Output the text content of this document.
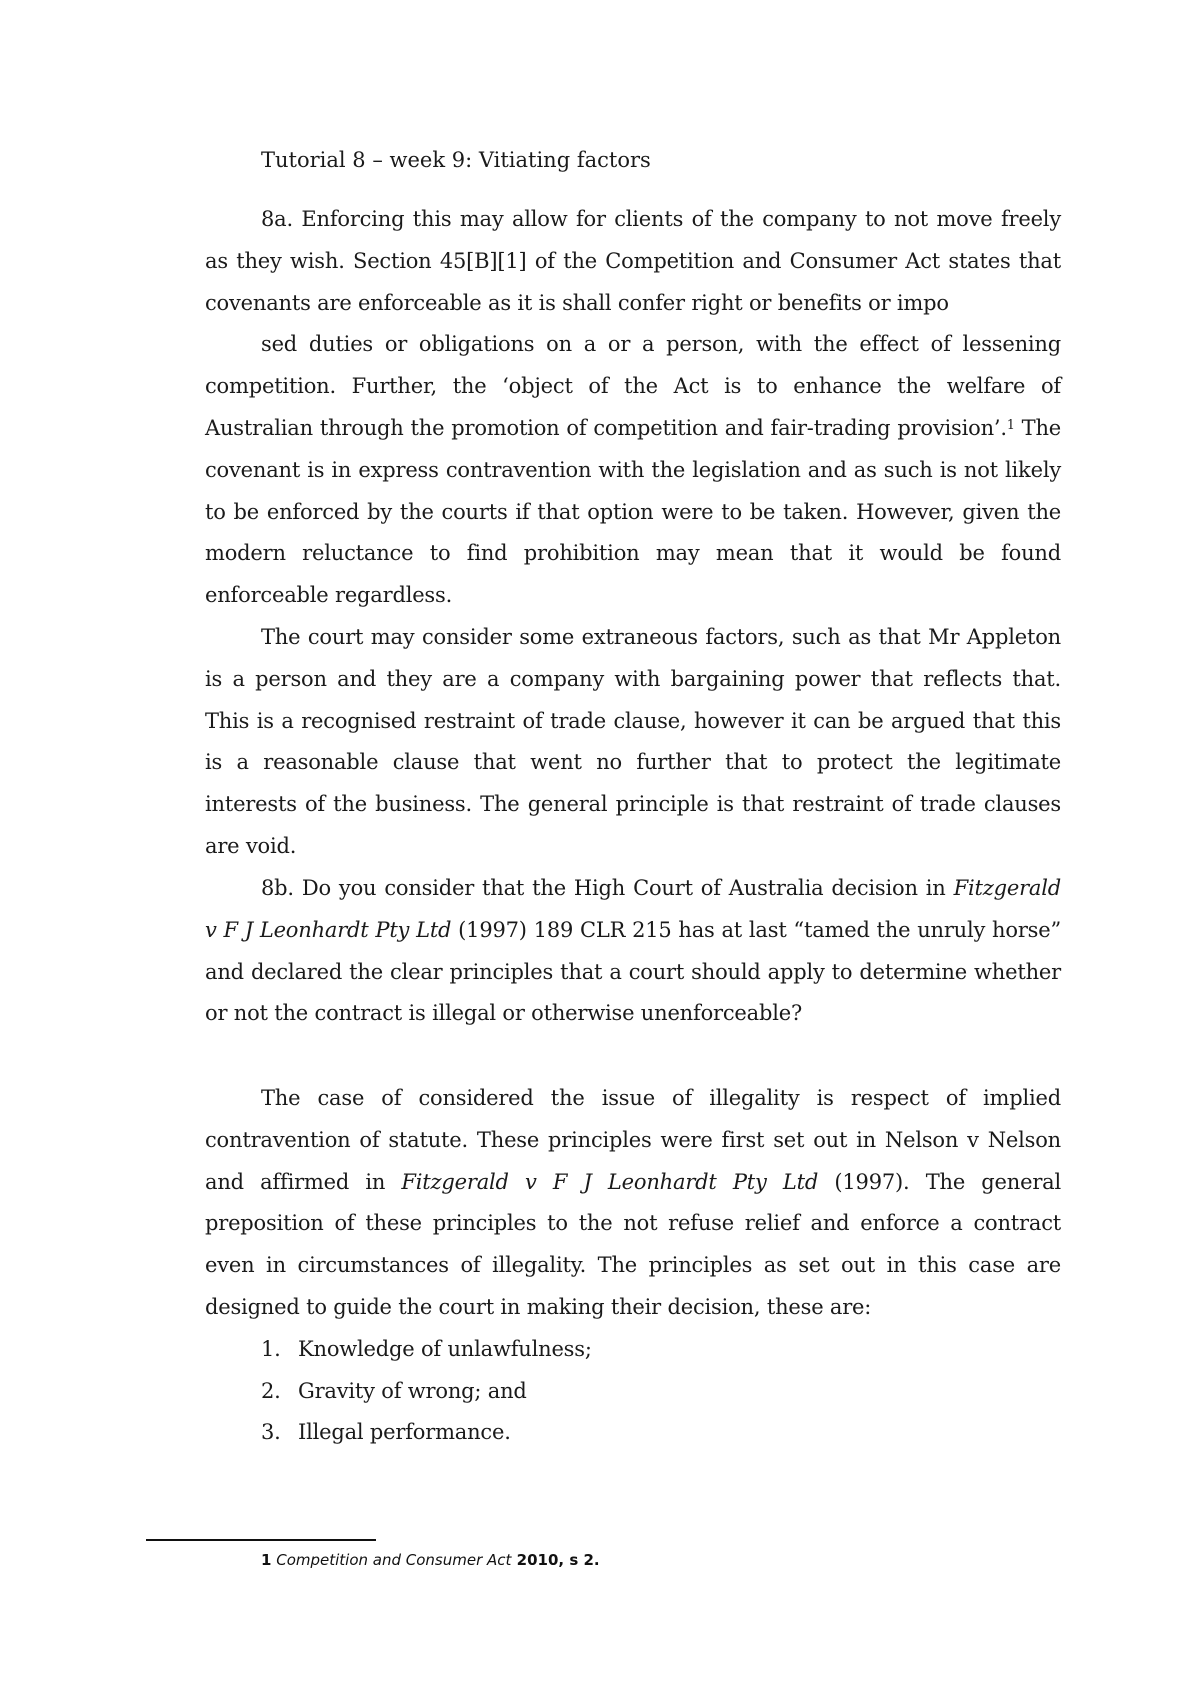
Tutorial 8 – week 9: Vitiating factors

8a. Enforcing this may allow for clients of the company to not move freely as they wish. Section 45[B][1] of the Competition and Consumer Act states that covenants are enforceable as it is shall confer right or benefits or impo

sed duties or obligations on a or a person, with the effect of lessening competition. Further, the ‘object of the Act is to enhance the welfare of Australian through the promotion of competition and fair-trading provision’.$^1$ The covenant is in express contravention with the legislation and as such is not likely to be enforced by the courts if that option were to be taken. However, given the modern reluctance to find prohibition may mean that it would be found enforceable regardless.

The court may consider some extraneous factors, such as that Mr Appleton is a person and they are a company with bargaining power that reflects that. This is a recognised restraint of trade clause, however it can be argued that this is a reasonable clause that went no further that to protect the legitimate interests of the business. The general principle is that restraint of trade clauses are void.

8b. Do you consider that the High Court of Australia decision in Fitzgerald v F J Leonhardt Pty Ltd (1997) 189 CLR 215 has at last “tamed the unruly horse” and declared the clear principles that a court should apply to determine whether or not the contract is illegal or otherwise unenforceable?

The case of considered the issue of illegality is respect of implied contravention of statute. These principles were first set out in Nelson v Nelson and affirmed in Fitzgerald v F J Leonhardt Pty Ltd (1997). The general preposition of these principles to the not refuse relief and enforce a contract even in circumstances of illegality. The principles as set out in this case are designed to guide the court in making their decision, these are:

1. Knowledge of unlawfulness;
2. Gravity of wrong; and
3. Illegal performance.
1 Competition and Consumer Act 2010, s 2.
